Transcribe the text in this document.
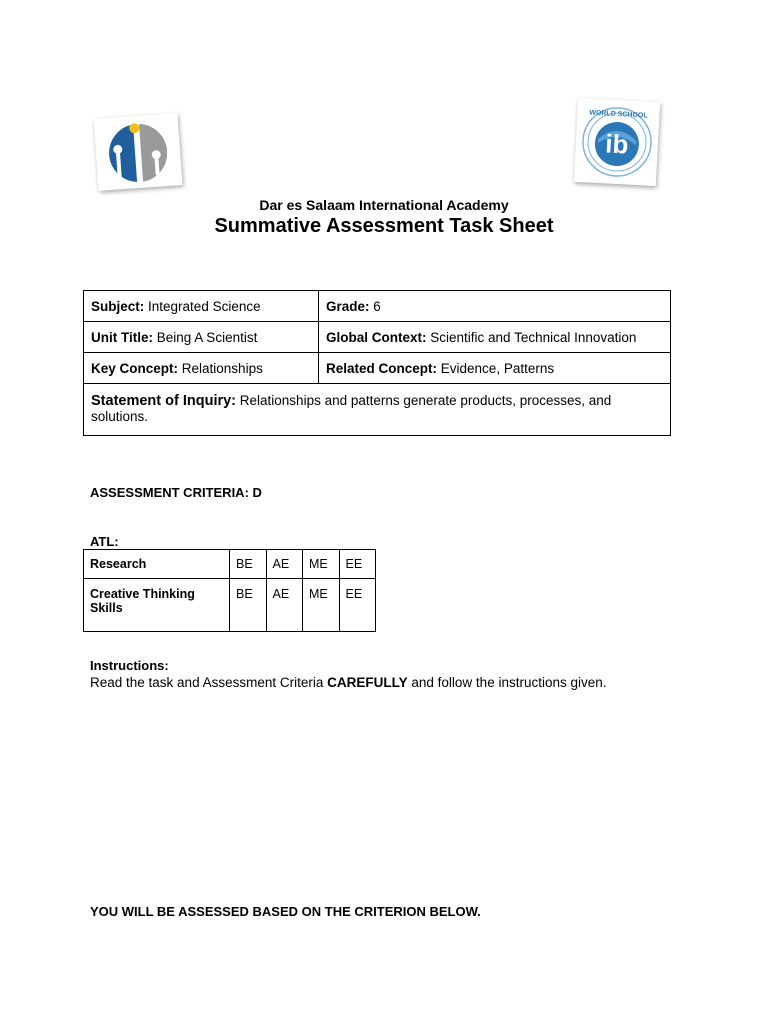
ib
WORLD SCHOOL
Dar es Salaam International Academy
Summative Assessment Task Sheet
Subject: Integrated Science	Grade: 6
Unit Title: Being A Scientist	Global Context: Scientific and Technical Innovation
Key Concept: Relationships	Related Concept: Evidence, Patterns
Statement of Inquiry: Relationships and patterns generate products, processes, and solutions.	
ASSESSMENT CRITERIA: D
ATL:
Research	BE	AE	ME	EE
Creative Thinking Skills	BE	AE	ME	EE
Instructions:
Read the task and Assessment Criteria CAREFULLY and follow the instructions given.
YOU WILL BE ASSESSED BASED ON THE CRITERION BELOW.
